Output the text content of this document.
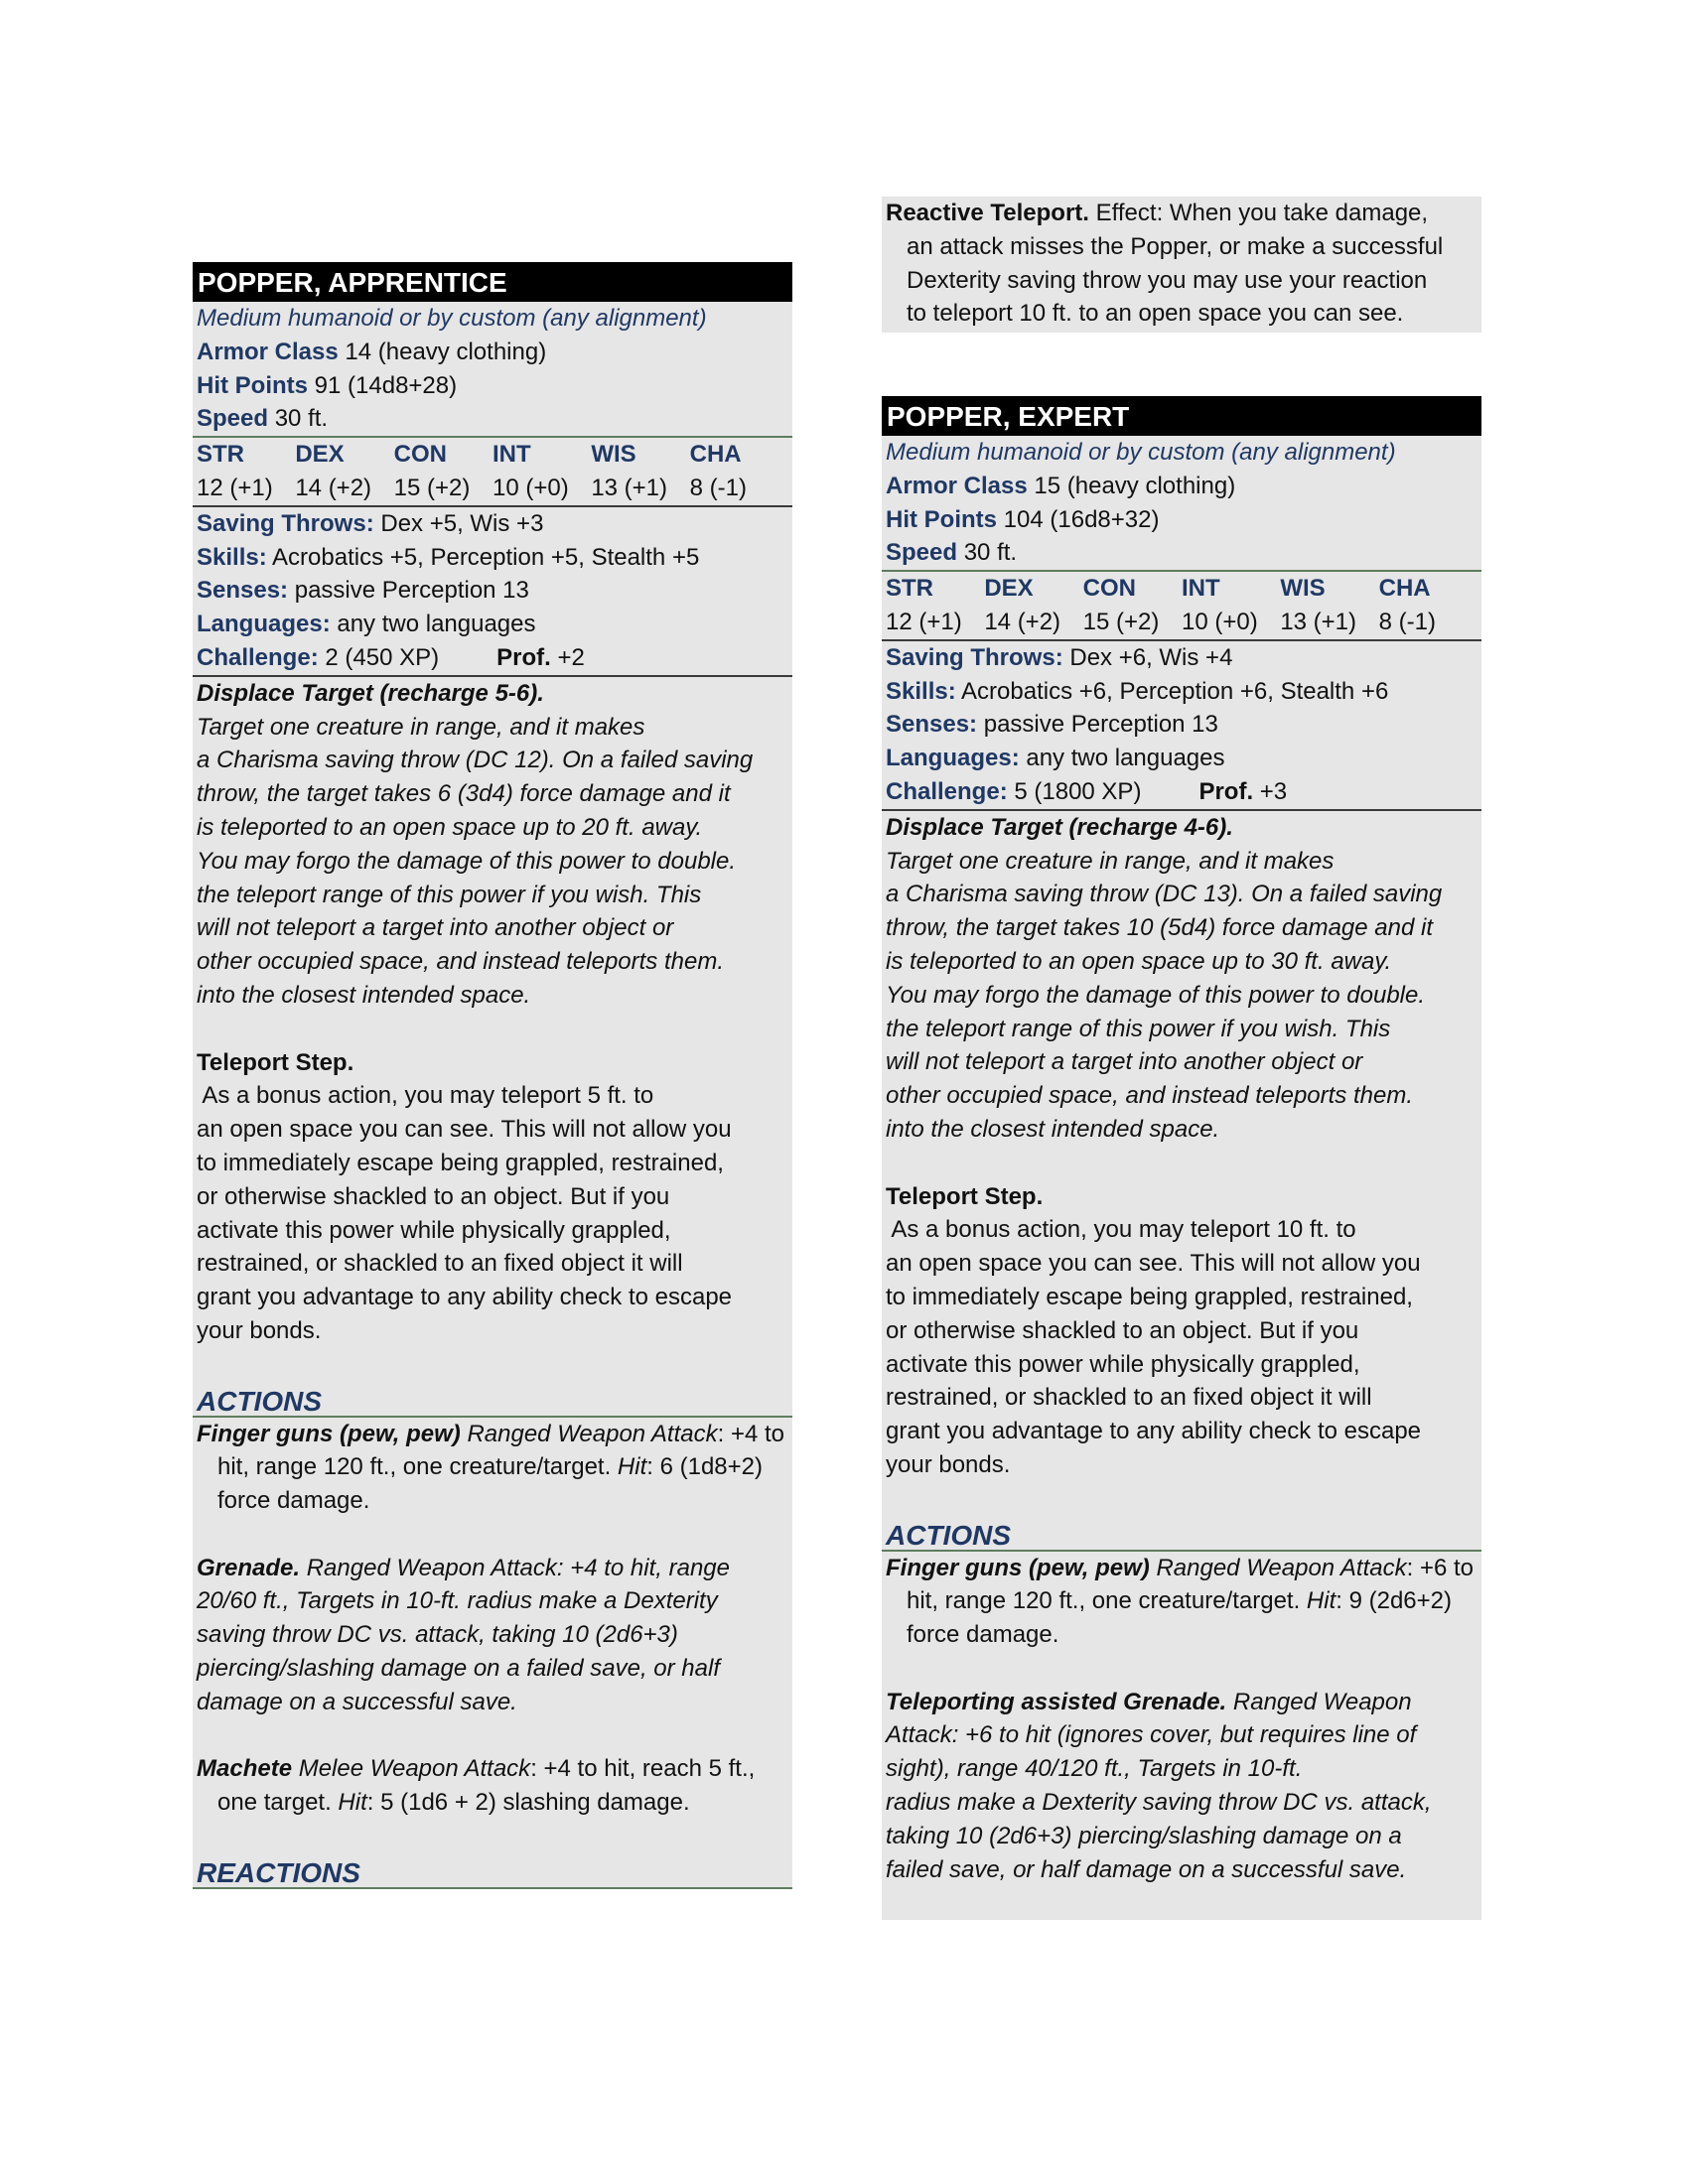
POPPER, APPRENTICE
Medium humanoid or by custom (any alignment)
Armor Class 14 (heavy clothing)
Hit Points 91 (14d8+28)
Speed 30 ft.
STR	DEX	CON	INT	WIS	CHA
12 (+1) 14 (+2) 15 (+2) 10 (+0) 13 (+1) 8 (-1)
Saving Throws: Dex +5, Wis +3
Skills: Acrobatics +5, Perception +5, Stealth +5
Senses: passive Perception 13
Languages: any two languages
Challenge: 2 (450 XP) Prof. +2
Displace Target (recharge 5-6).
Target one creature in range, and it makes
a Charisma saving throw (DC 12). On a failed saving
throw, the target takes 6 (3d4) force damage and it
is teleported to an open space up to 20 ft. away.
You may forgo the damage of this power to double.
the teleport range of this power if you wish. This
will not teleport a target into another object or
other occupied space, and instead teleports them.
into the closest intended space.
Teleport Step.
As a bonus action, you may teleport 5 ft. to
an open space you can see. This will not allow you
to immediately escape being grappled, restrained,
or otherwise shackled to an object. But if you
activate this power while physically grappled,
restrained, or shackled to an fixed object it will
grant you advantage to any ability check to escape
your bonds.
ACTIONS
Finger guns (pew, pew) Ranged Weapon Attack: +4 to hit, range 120 ft., one creature/target. Hit: 6 (1d8+2) force damage.
Grenade. Ranged Weapon Attack: +4 to hit, range
20/60 ft., Targets in 10-ft. radius make a Dexterity
saving throw DC vs. attack, taking 10 (2d6+3)
piercing/slashing damage on a failed save, or half
damage on a successful save.
Machete Melee Weapon Attack: +4 to hit, reach 5 ft., one target. Hit: 5 (1d6 + 2) slashing damage.
REACTIONS
Reactive Teleport. Effect: When you take damage,
an attack misses the Popper, or make a successful
Dexterity saving throw you may use your reaction
to teleport 10 ft. to an open space you can see.
POPPER, EXPERT
Medium humanoid or by custom (any alignment)
Armor Class 15 (heavy clothing)
Hit Points 104 (16d8+32)
Speed 30 ft.
STR	DEX	CON	INT	WIS	CHA
12 (+1) 14 (+2) 15 (+2) 10 (+0) 13 (+1) 8 (-1)
Saving Throws: Dex +6, Wis +4
Skills: Acrobatics +6, Perception +6, Stealth +6
Senses: passive Perception 13
Languages: any two languages
Challenge: 5 (1800 XP) Prof. +3
Displace Target (recharge 4-6).
Target one creature in range, and it makes
a Charisma saving throw (DC 13). On a failed saving
throw, the target takes 10 (5d4) force damage and it
is teleported to an open space up to 30 ft. away.
You may forgo the damage of this power to double.
the teleport range of this power if you wish. This
will not teleport a target into another object or
other occupied space, and instead teleports them.
into the closest intended space.
Teleport Step.
As a bonus action, you may teleport 10 ft. to
an open space you can see. This will not allow you
to immediately escape being grappled, restrained,
or otherwise shackled to an object. But if you
activate this power while physically grappled,
restrained, or shackled to an fixed object it will
grant you advantage to any ability check to escape
your bonds.
ACTIONS
Finger guns (pew, pew) Ranged Weapon Attack: +6 to hit, range 120 ft., one creature/target. Hit: 9 (2d6+2) force damage.
Teleporting assisted Grenade. Ranged Weapon
Attack: +6 to hit (ignores cover, but requires line of
sight), range 40/120 ft., Targets in 10-ft.
radius make a Dexterity saving throw DC vs. attack,
taking 10 (2d6+3) piercing/slashing damage on a
failed save, or half damage on a successful save.
